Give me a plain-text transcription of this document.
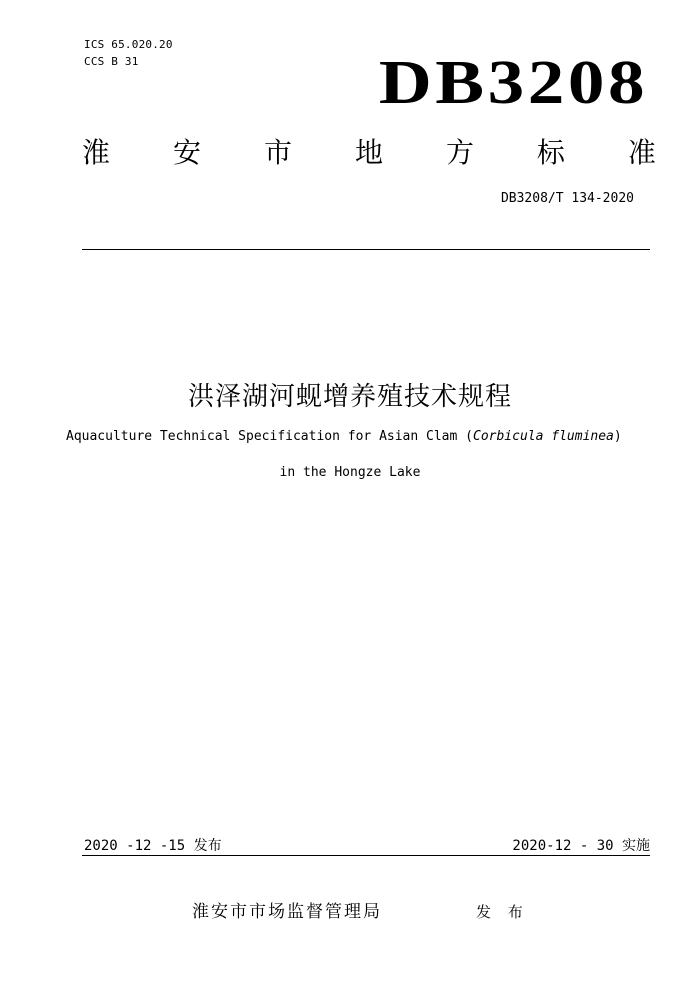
ICS 65.020.20
CCS B 31	DB3208
淮 安 市 地 方 标 准
DB3208/T 134-2020
洪泽湖河蚬增养殖技术规程
Aquaculture Technical Specification for Asian Clam (Corbicula fluminea)
in the Hongze Lake
2020 -12 -15 发布	2020-12 - 30 实施
淮安市市场监督管理局	发 布
